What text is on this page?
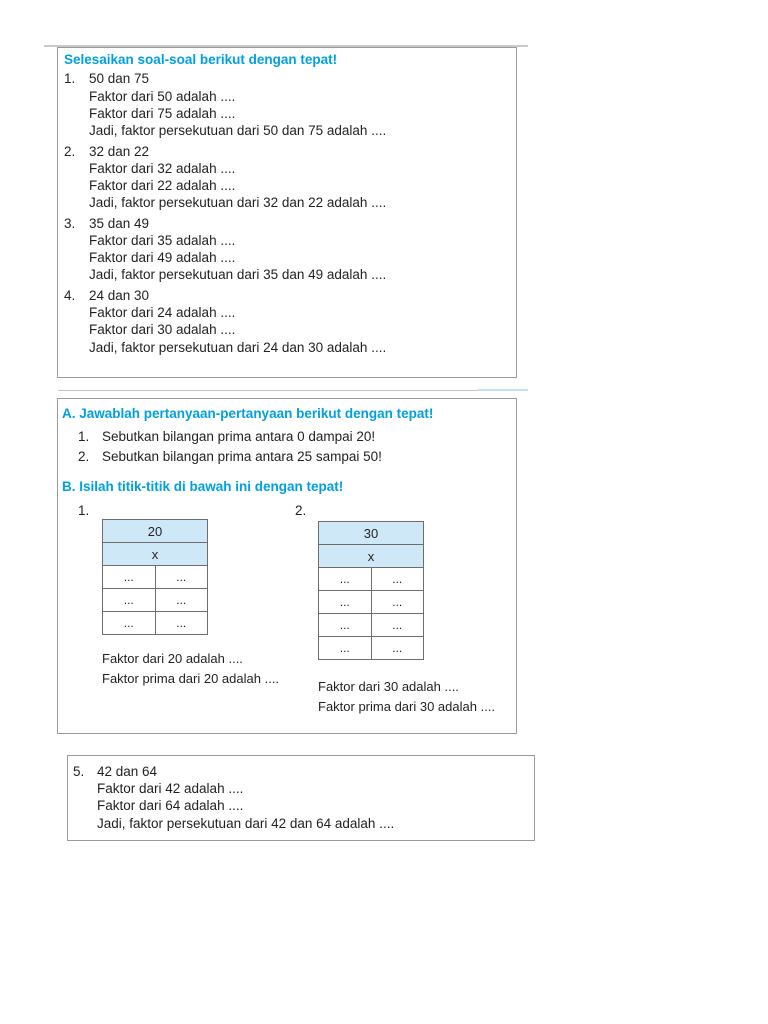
Selesaikan soal-soal berikut dengan tepat!
1. 50 dan 75
Faktor dari 50 adalah ....
Faktor dari 75 adalah ....
Jadi, faktor persekutuan dari 50 dan 75 adalah ....
2. 32 dan 22
Faktor dari 32 adalah ....
Faktor dari 22 adalah ....
Jadi, faktor persekutuan dari 32 dan 22 adalah ....
3. 35 dan 49
Faktor dari 35 adalah ....
Faktor dari 49 adalah ....
Jadi, faktor persekutuan dari 35 dan 49 adalah ....
4. 24 dan 30
Faktor dari 24 adalah ....
Faktor dari 30 adalah ....
Jadi, faktor persekutuan dari 24 dan 30 adalah ....
A. Jawablah pertanyaan-pertanyaan berikut dengan tepat!
1. Sebutkan bilangan prima antara 0 dampai 20!
2. Sebutkan bilangan prima antara 25 sampai 50!
B. Isilah titik-titik di bawah ini dengan tepat!
1.	2.
20	
x	
...	...
...	...
...	...
Faktor dari 20 adalah ....
Faktor prima dari 20 adalah ....
30	
x	
...	...
...	...
...	...
...	...
Faktor dari 30 adalah ....
Faktor prima dari 30 adalah ....
5. 42 dan 64
Faktor dari 42 adalah ....
Faktor dari 64 adalah ....
Jadi, faktor persekutuan dari 42 dan 64 adalah ....
